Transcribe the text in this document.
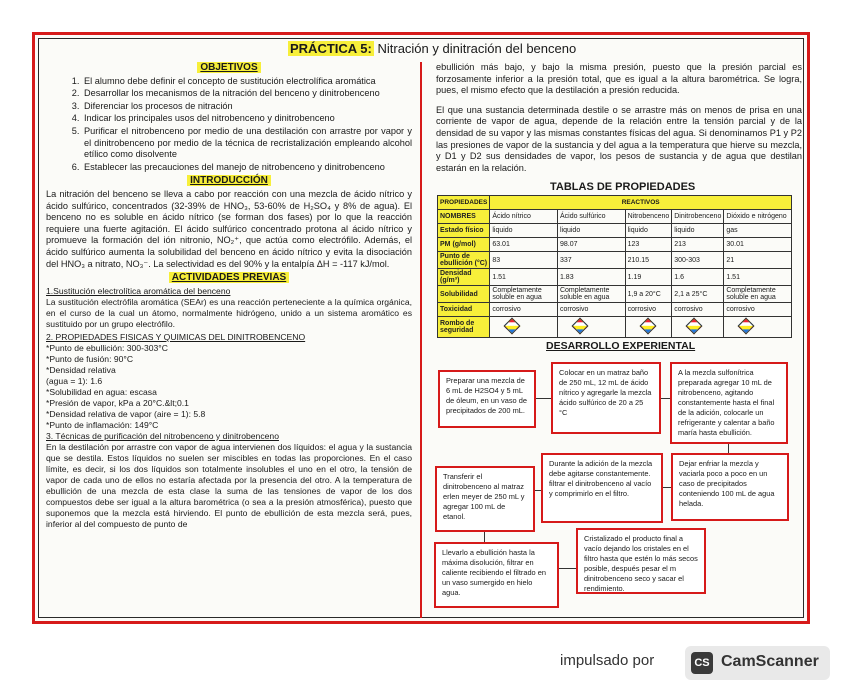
PRÁCTICA 5: Nitración y dinitración del benceno
OBJETIVOS
1. El alumno debe definir el concepto de sustitución electrolífica aromática
2. Desarrollar los mecanismos de la nitración del benceno y dinitrobenceno
3. Diferenciar los procesos de nitración
4. Indicar los principales usos del nitrobenceno y dinitrobenceno
5. Purificar el nitrobenceno por medio de una destilación con arrastre por vapor y el dinitrobenceno por medio de la técnica de recristalización empleando alcohol etílico como disolvente
6. Establecer las precauciones del manejo de nitrobenceno y dinitrobenceno
INTRODUCCIÓN

La nitración del benceno se lleva a cabo por reacción con una mezcla de ácido nítrico y ácido sulfúrico, concentrados (32-39% de HNO₃, 53-60% de H₂SO₄ y 8% de agua). El benceno no es soluble en ácido nítrico (se forman dos fases) por lo que la reacción requiere una fuerte agitación. El ácido sulfúrico concentrado protona al ácido nítrico y promueve la formación del ión nitronio, NO₂⁺, que actúa como electrófilo. Además, el ácido sulfúrico aumenta la solubilidad del benceno en ácido nítrico y evita la disociación del HNO₃ a nitrato, NO₃⁻. La selectividad es del 90% y la entalpía ΔH = -117 kJ/mol.

ACTIVIDADES PREVIAS
1.Sustitución electrolítica aromática del benceno

La sustitución electrófila aromática (SEAr) es una reacción perteneciente a la química orgánica, en el curso de la cual un átomo, normalmente hidrógeno, unido a un sistema aromático es sustituido por un grupo electrófilo.

2. PROPIEDADES FISICAS Y QUIMICAS DEL DINITROBENCENO
*Punto de ebullición: 300-303°C
*Punto de fusión: 90°C
*Densidad relativa
(agua = 1): 1.6
*Solubilidad en agua: escasa
*Presión de vapor, kPa a 20°C.&lt;0.1
*Densidad relativa de vapor (aire = 1): 5.8
*Punto de inflamación: 149°C
3. Técnicas de purificación del nitrobenceno y dinitrobenceno

En la destilación por arrastre con vapor de agua intervienen dos líquidos: el agua y la sustancia que se destila. Estos líquidos no suelen ser miscibles en todas las proporciones. En el caso límite, es decir, si los dos líquidos son totalmente insolubles el uno en el otro, la tensión de vapor de cada uno de ellos no estaría afectada por la presencia del otro. A la temperatura de ebullición de una mezcla de esta clase la suma de las tensiones de vapor de los dos compuestos debe ser igual a la altura barométrica (o sea a la presión atmosférica), puesto que suponemos que la mezcla está hirviendo. El punto de ebullición de esta mezcla será, pues, inferior al del compuesto de punto de

ebullición más bajo, y bajo la misma presión, puesto que la presión parcial es forzosamente inferior a la presión total, que es igual a la altura barométrica. Se logra, pues, el mismo efecto que la destilación a presión reducida.

El que una sustancia determinada destile o se arrastre más on menos de prisa en una corriente de vapor de agua, depende de la relación entre la tensión parcial y de la densidad de su vapor y las mismas constantes físicas del agua. Si denominamos P1 y P2 las presiones de vapor de la sustancia y del agua a la temperatura que hierve su mezcla, y D1 y D2 sus densidades de vapor, los pesos de sustancia y de agua que destilan estarán en la relación.

TABLAS DE PROPIEDADES
PROPIEDADES	REACTIVOS				
NOMBRES	Ácido nítrico	Ácido sulfúrico	Nitrobenceno	Dinitrobenceno	Dióxido e nitrógeno
Estado físico	liquido	liquido	liquido	liquido	gas
PM (g/mol)	63.01	98.07	123	213	30.01
Punto de ebullición (°C)	83	337	210.15	300-303	21
Densidad (g/m³)	1.51	1.83	1.19	1.6	1.51
Solubilidad	Completamente soluble en agua	Completamente soluble en agua	1,9 a 20°C	2,1 a 25°C	Completamente soluble en agua
Toxicidad	corrosivo	corrosivo	corrosivo	corrosivo	corrosivo
Rombo de seguridad					
DESARROLLO EXPERIENTAL
Preparar una mezcla de 6 mL de H2SO4 y 5 mL de óleum, en un vaso de precipitados de 200 mL.
Colocar en un matraz baño de 250 mL, 12 mL de ácido nítrico y agregarle la mezcla ácido sulfúrico de 20 a 25 °C
A la mezcla sulfonítrica preparada agregar 10 mL de nitrobenceno, agitando constantemente hasta el final de la adición, colocarle un refrigerante y calentar a baño maría hasta ebullición.
Transferir el dinitrobenceno al matraz erlen meyer de 250 mL y agregar 100 mL de etanol.
Durante la adición de la mezcla debe agitarse constantemente. filtrar el dinitrobenceno al vacío y comprimirlo en el filtro.
Dejar enfriar la mezcla y vaciarla poco a poco en un caso de precipitados conteniendo 100 mL de agua helada.
Llevarlo a ebullición hasta la máxima disolución, filtrar en caliente recibiendo el filtrado en un vaso sumergido en hielo agua.
Cristalizado el producto final a vacío dejando los cristales en el filtro hasta que estén lo más secos posible, después pesar el m dinitrobenceno seco y sacar el rendimiento.
impulsado por	CS CamScanner
